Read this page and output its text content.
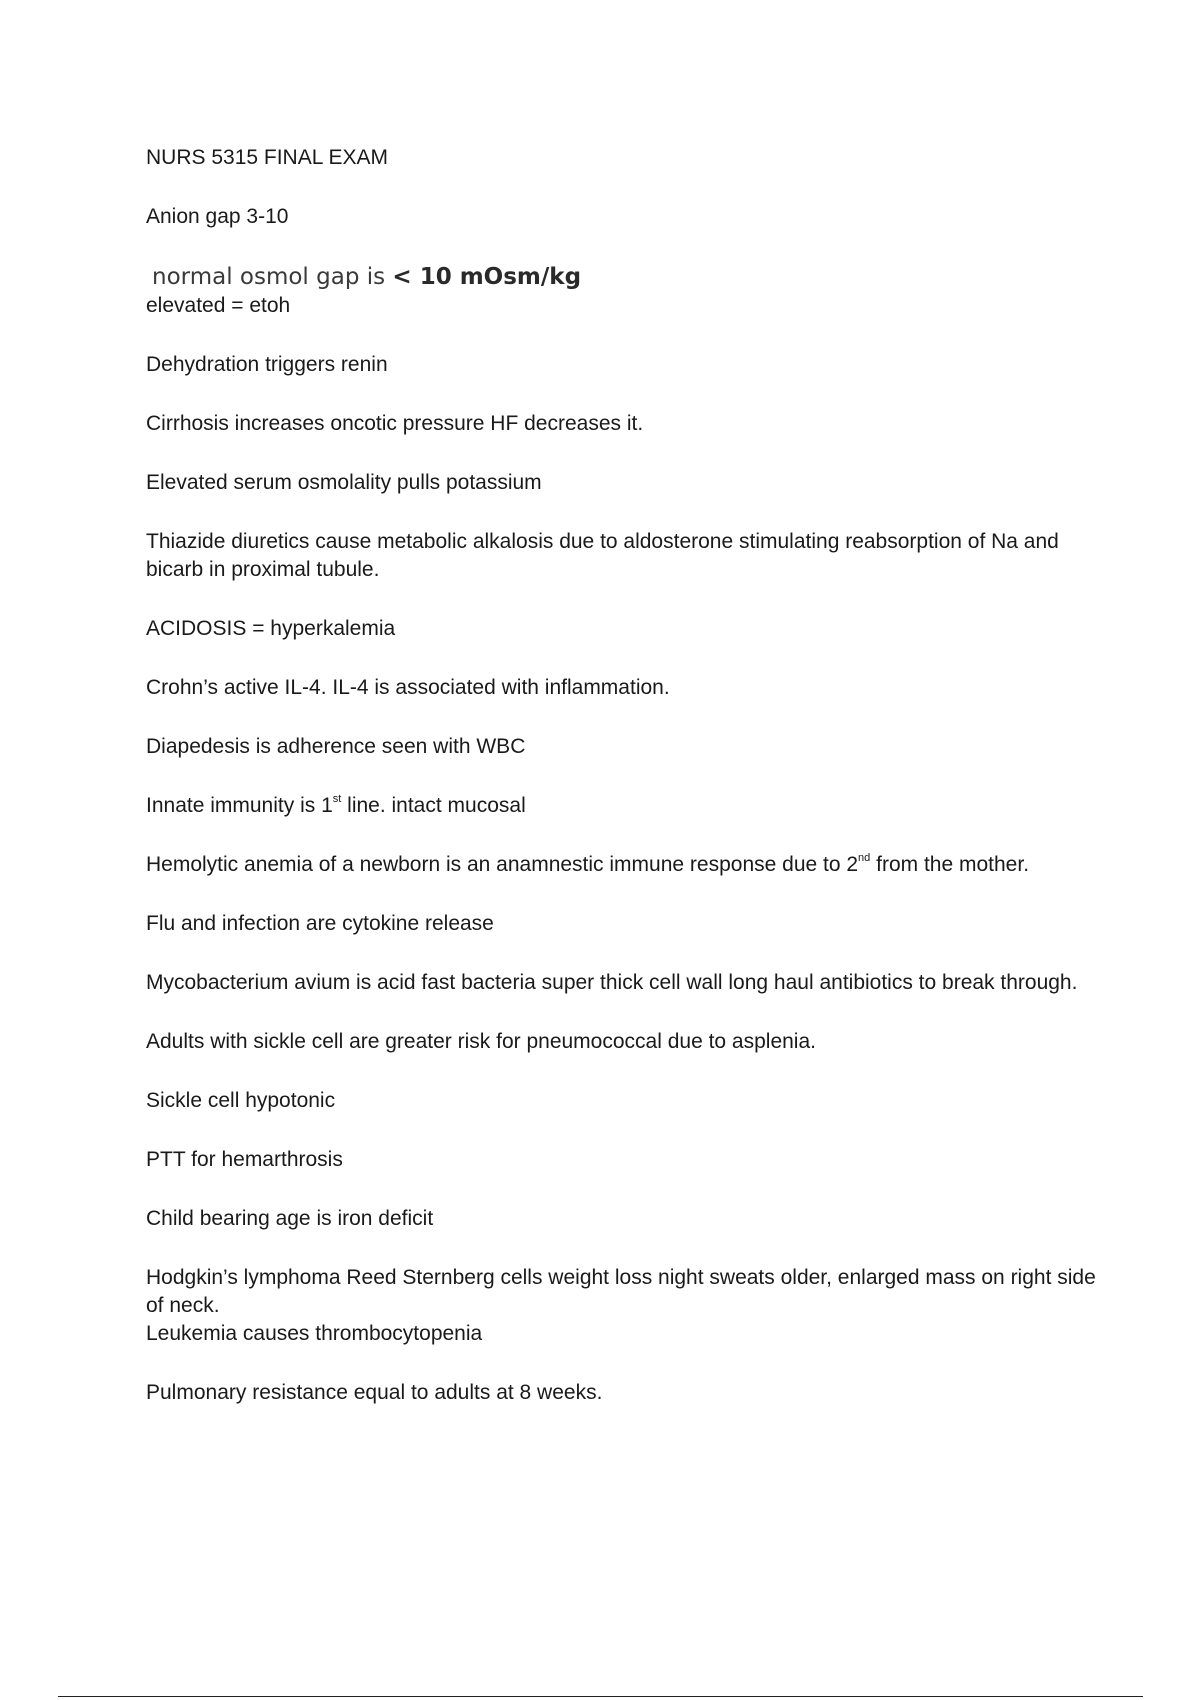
NURS 5315 FINAL EXAM

Anion gap 3-10

normal osmol gap is < 10 mOsm/kg

elevated = etoh

Dehydration triggers renin

Cirrhosis increases oncotic pressure HF decreases it.

Elevated serum osmolality pulls potassium

Thiazide diuretics cause metabolic alkalosis due to aldosterone stimulating reabsorption of Na and bicarb in proximal tubule.

ACIDOSIS = hyperkalemia

Crohn’s active IL-4. IL-4 is associated with inflammation.

Diapedesis is adherence seen with WBC

Innate immunity is 1st line. intact mucosal

Hemolytic anemia of a newborn is an anamnestic immune response due to 2nd from the mother.

Flu and infection are cytokine release

Mycobacterium avium is acid fast bacteria super thick cell wall long haul antibiotics to break through.

Adults with sickle cell are greater risk for pneumococcal due to asplenia.

Sickle cell hypotonic

PTT for hemarthrosis

Child bearing age is iron deficit

Hodgkin’s lymphoma Reed Sternberg cells weight loss night sweats older, enlarged mass on right side of neck.

Leukemia causes thrombocytopenia

Pulmonary resistance equal to adults at 8 weeks.
